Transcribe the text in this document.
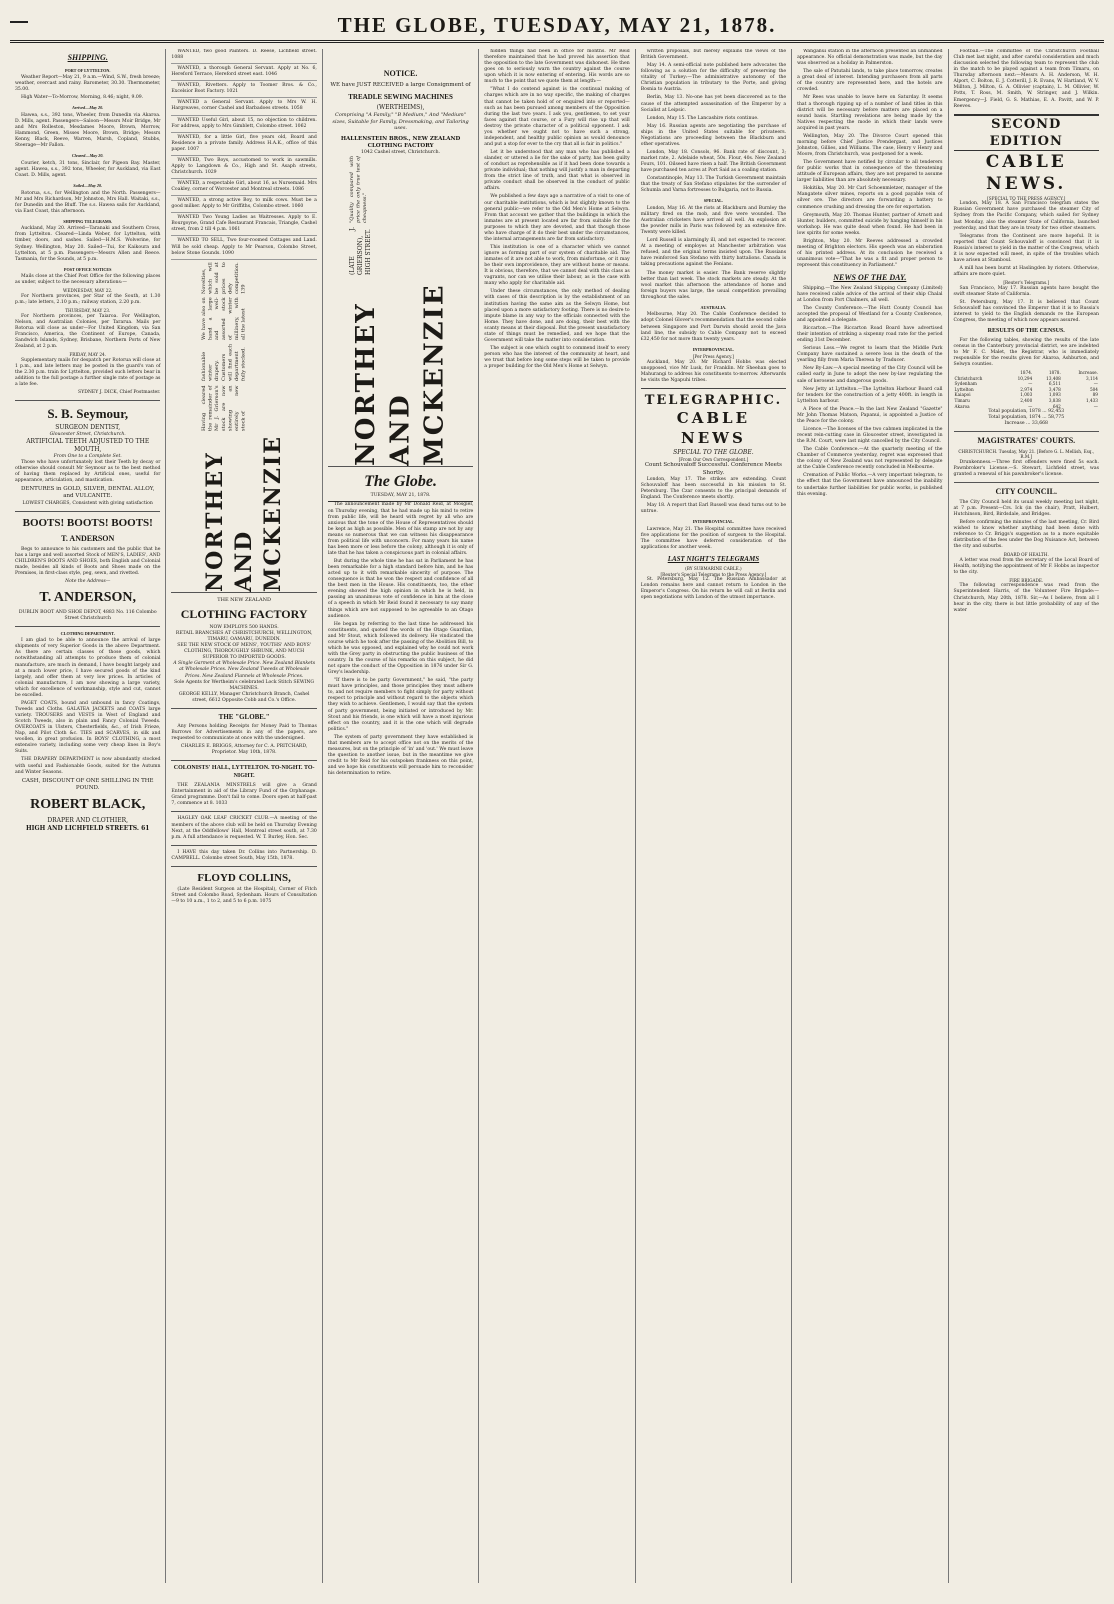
THE GLOBE, TUESDAY, MAY 21, 1878.
SHIPPING.
PORT OF LYTTELTON.

Weather Report—May 21, 9 a.m.—Wind, S.W., fresh breeze; weather, overcast and rainy. Barometer, 30.30. Thermometer, 35.00.

High Water—To-Morrow, Morning, 8.46; night, 9.09.

Arrived—May 20.

Hawea, s.s., 392 tons, Wheeler, from Dunedin via Akaroa. D. Mills, agent. Passengers—Saloon—Messrs Moir Bridge, Mr and Mrs Rolleston, Mesdames Moore, Brown, Morrow, Hammond, Green, Misses Moore, Brown, Bridge; Messrs Kenny, Black, Reeve, Warren, Marsh, Copland, Stubbs, Steerage—Mr Fallon.

Cleared—May 20.

Courier, ketch, 31 tons, Sinclair, for Pigeon Bay. Master, agent. Hawea, s.s., 392 tons, Wheeler, for Auckland, via East Coast. D. Mills, agent.

Sailed—May 20.

Rotorua, s.s., for Wellington and the North. Passengers—Mr and Mrs Richardson, Mr Johnston, Mrs Hall. Waitaki, s.s., for Dunedin and the Bluff. The s.s. Hawea sails for Auckland, via East Coast, this afternoon.

SHIPPING TELEGRAMS.

Auckland, May 20. Arrived—Taranaki and Southern Cross, from Lyttelton. Cleared—Linda Weber, for Lyttelton, with timber, doors, and sashes. Sailed—H.M.S. Wolverine, for Sydney. Wellington, May 20. Sailed—Tui, for Kaikoura and Lyttelton, at 5 p.m. Passengers—Messrs Allen and Reece. Tasmania, for the Sounds, at 5 p.m.

POST OFFICE NOTICES

Mails close at the Chief Post Office for the following places as under, subject to the necessary alterations:—

WEDNESDAY, MAY 22.

For Northern provinces, per Star of the South, at 1.30 p.m.; late letters, 2.10 p.m.; railway station, 2.20 p.m.

THURSDAY, MAY 23.

For Northern provinces, per Taiaroa. For Wellington, Nelson, and Australian Colonies, per Tararua. Mails per Rotorua will close as under—For United Kingdom, via San Francisco, America, the Continent of Europe, Canada, Sandwich Islands, Sydney, Brisbane, Northern Ports of New Zealand, at 2 p.m.

FRIDAY, MAY 24.

Supplementary mails for despatch per Rotorua will close at 1 p.m., and late letters may be posted in the guard's van of the 2.30 p.m. train for Lyttelton, provided such letters bear in addition to the full postage a further single rate of postage as a late fee.

SYDNEY J. DICK, Chief Postmaster.
S. B. Seymour,
SURGEON DENTIST,
Gloucester Street, Christchurch.
ARTIFICIAL TEETH ADJUSTED TO THE MOUTH,
From One to a Complete Set.

Those who have unfortunately lost their Teeth by decay or otherwise should consult Mr Seymour as to the best method of having them replaced by Artificial ones, useful for appearance, articulation, and mastication.

DENTURES in GOLD, SILVER, DENTAL ALLOY, and VULCANITE.
LOWEST CHARGES, Consistent with giving satisfaction
BOOTS! BOOTS! BOOTS!
T. ANDERSON

Begs to announce to his customers and the public that he has a large and well assorted Stock of MEN'S, LADIES', AND CHILDREN'S BOOTS AND SHOES, both English and Colonial made, besides all kinds of Boots and Shoes made on the Premises, in first-class style, peg, sewn, and rivetted.

Note the Address—
T. ANDERSON,
DUBLIN BOOT AND SHOE DEPOT, 4883 No. 116 Colombo Street Christchurch
CLOTHING DEPARTMENT.

I am glad to be able to announce the arrival of large shipments of very Superior Goods in the above Department. As there are certain classes of those goods, which notwithstanding all attempts to produce them of colonial manufacture, are much in demand, I have bought largely and at a much lower price, I have secured goods of the kind largely, and offer them at very low prices. In articles of colonial manufacture, I am now showing a large variety, which for excellence of workmanship, style and cut, cannot be excelled.

PAGET COATS, bound and unbound in fancy Coatings, Tweeds and Cloths. GALATEA JACKETS and COATS large variety. TROUSERS and VESTS in West of England and Scotch Tweeds, also in plain and Fancy Colonial Tweeds. OVERCOATS in Ulsters, Chesterfields, &c., of Irish Frieze, Nap, and Pilot Cloth &c. TIES and SCARVES, in silk and woollen, in great profusion. In BOYS' CLOTHING, a most extensive variety, including some very cheap lines in Boy's Suits.

THE DRAPERY DEPARTMENT is now abundantly stocked with useful and Fashionable Goods, suited for the Autumn and Winter Seasons.

CASH, DISCOUNT OF ONE SHILLING IN THE POUND.
ROBERT BLACK,
DRAPER AND CLOTHIER,
HIGH AND LICHFIELD STREETS. 61

WANTED, two good Painters. D. Reese, Lichfield street. 1088

WANTED, a thorough General Servant. Apply at No. 6, Hereford Terrace, Hereford street east. 1046

WANTED, Rivetters. Apply to Toomer Bros. & Co., Excelsior Boot Factory. 1021

WANTED a General Servant. Apply to Mrs W. H. Hargreaves, corner Cashel and Barbadoes streets. 1058

WANTED Useful Girl, about 15, no objection to children. For address, apply to Mrs Gimblett, Colombo street. 1062

WANTED, for a little Girl, five years old, Board and Residence in a private family. Address H.A.K., office of this paper. 1007

WANTED, Two Boys, accustomed to work in sawmills. Apply to Langdown & Co., High and St. Asaph streets, Christchurch. 1029

WANTED, a respectable Girl, about 16, as Nursemaid. Mrs Coakley, corner of Worcester and Montreal streets. 1086

WANTED, a strong active Boy, to milk cows. Must be a good milker. Apply to Mr Griffiths, Colombo street. 1060

WANTED Two Young Ladies as Waitresses. Apply to E. Bourgoyne, Grand Cafe Restaurant Francais, Triangle, Cashel street, from 2 till 4 p.m. 1061

WANTED TO SELL, Two four-roomed Cottages and Land. Will be sold cheap. Apply to Mr Pearson, Colombo Street, below Stone Gounds. 1090

NORTHEY AND MCKENZIE
Having cleared the remainder of Mr J. Grierson's stock are now showing an entirely new stock of
fashionable winter drapery. Customers will find each department fully stocked.
We have also on hand a large and well-assorted stock of winter millinery, with all the latest
Novelties, which will be sold at prices to defy competition. 139
THE NEW ZEALAND
CLOTHING FACTORY
NOW EMPLOYS 500 HANDS.
RETAIL BRANCHES AT CHRISTCHURCH, WELLINGTON, TIMARU, OAMARU, DUNEDIN.
SEE THE NEW STOCK OF MENS', YOUTHS' AND BOYS' CLOTHING, THOROUGHLY SHRUNK, AND MUCH SUPERIOR TO IMPORTED GOODS.
A Single Garment at Wholesale Price. New Zealand Blankets at Wholesale Prices. New Zealand Tweeds at Wholesale Prices. New Zealand Flannels at Wholesale Prices.
Sole Agents for Wertheim's celebrated Lock Stitch SEWING MACHINES.
GEORGE KELLY, Manager Christchurch Branch, Cashel street, 6612 Opposite Cobb and Co.'s Office.
THE "GLOBE."

Any Persons holding Receipts for Money Paid to Thomas Burrows for Advertisements in any of the papers, are requested to communicate at once with the undersigned.

CHARLES E. BRIGGS, Attorney for C. A. PRITCHARD, Proprietor. May 10th, 1878.
COLONISTS' HALL, LYTTELTON. TO-NIGHT. TO-NIGHT.

THE ZEALANIA MINSTRELS will give a Grand Entertainment in aid of the Library Fund of the Orphanage. Grand programme. Don't fail to come. Doors open at half-past 7, commence at 8. 1033

HAGLEY OAK LEAF CRICKET CLUB.—A meeting of the members of the above club will be held on Thursday Evening Next, at the Oddfellows' Hall, Montreal street south, at 7.30 p.m. A full attendance is requested. W. T. Burley, Hon. Sec.

I HAVE this day taken Dr. Collins into Partnership. D. CAMPBELL. Colombo street South, May 15th, 1878.

FLOYD COLLINS,

(Late Resident Surgeon at the Hospital), Corner of Fitch Street and Colombo Road, Sydenham. Hours of Consultation—9 to 10 a.m., 1 to 2, and 5 to 6 p.m. 1075

NOTICE.
WE have JUST RECEIVED a large Consignment of
TREADLE SEWING MACHINES
(WERTHEIMS),
Comprising "A Family," "B Medium," And "Medium" sizes, Suitable for Family, Dressmaking, and Tailoring uses.
HALLENSTEIN BROS., NEW ZEALAND CLOTHING FACTORY
1042 Cashel street, Christchurch.
NORTHEY AND MCKENZIE
(LATE J. GRIERSON), HIGH STREET.
"Quality compared with price the only true test of cheapness."
The Globe.
TUESDAY, MAY 21, 1878.

The announcement made by Mr Donald Reid, at Mosgiel, on Thursday evening, that he had made up his mind to retire from public life, will be heard with regret by all who are anxious that the tone of the House of Representatives should be kept as high as possible. Men of his stamp are not by any means so numerous that we can witness his disappearance from political life with unconcern. For many years his name has been more or less before the colony, although it is only of late that he has taken a conspicuous part in colonial affairs.

But during the whole time he has sat in Parliament he has been remarkable for a high standard before him, and he has acted up to it with remarkable sincerity of purpose. The consequence is that he won the respect and confidence of all the best men in the House. His constituents, too, the other evening showed the high opinion in which he is held, in passing an unanimous vote of confidence in him at the close of a speech in which Mr Reid found it necessary to say many things which are not supposed to be agreeable to an Otago audience.

He began by referring to the last time he addressed his constituents, and quoted the words of the Otago Guardian, and Mr Stout, which followed its delivery. He vindicated the course which he took after the passing of the Abolition Bill, to which he was opposed, and explained why he could not work with the Grey party in obstructing the public business of the country. In the course of his remarks on this subject, he did not spare the conduct of the Opposition in 1876 under Sir G. Grey's leadership.

"If there is to be party Government," he said, "the party must have principles, and those principles they must adhere to, and not require members to fight simply for party without respect to principle and without regard to the objects which they wish to achieve. Gentlemen, I would say that the system of party government, being initiated or introduced by Mr. Stout and his friends, is one which will have a most injurious effect on the country, and it is the one which will degrade politics."

The system of party government they have established is that members are to accept office not on the merits of the measures, but on the principle of 'in' and 'out.' We must leave the question to another issue, but in the meantime we give credit to Mr Reid for his outspoken frankness on this point, and we hope his constituents will persuade him to reconsider his determination to retire.

hidden things had been in office for months. Mr Reid therefore maintained that he had proved his assertion that the opposition to the late Government was dishonest. He then goes on to seriously warn the country against the course upon which it is now entering of entering. His words are so much to the point that we quote them at length:—

"What I do contend against is the continual making of charges which are in no way specific, the making of charges that cannot be taken hold of or enquired into or reported—such as has been pursued among members of the Opposition during the last two years. I ask you, gentlemen, to set your faces against that course, or a Fury will rise up that will destroy the private character of a political opponent. I ask you whether we ought not to have such a strong, independent, and healthy public opinion as would denounce and put a stop for ever to the cry that all is fair in politics."

Let it be understood that any man who has published a slander, or uttered a lie for the sake of party, has been guilty of conduct as reprehensible as if it had been done towards a private individual; that nothing will justify a man in departing from the strict line of truth, and that what is observed in private conduct shall be observed in the conduct of public affairs.

We published a few days ago a narrative of a visit to one of our charitable institutions, which is but slightly known to the general public—we refer to the Old Men's Home at Selwyn. From that account we gather that the buildings in which the inmates are at present located are far from suitable for the purposes to which they are devoted, and that though those who have charge of it do their best under the circumstances, the internal arrangements are far from satisfactory.

This institution is one of a character which we cannot ignore as forming part of our system of charitable aid. The inmates of it are not able to work, from misfortune, or it may be their own improvidence, they are without home or means. It is obvious, therefore, that we cannot deal with this class as vagrants, nor can we utilise their labour, as is the case with many who apply for charitable aid.

Under these circumstances, the only method of dealing with cases of this description is by the establishment of an institution having the same aim as the Selwyn Home, but placed upon a more satisfactory footing. There is no desire to impute blame in any way to the officials connected with the Home. They have done, and are doing, their best with the scanty means at their disposal. But the present unsatisfactory state of things must be remedied, and we hope that the Government will take the matter into consideration.

The subject is one which ought to commend itself to every person who has the interest of the community at heart, and we trust that before long some steps will be taken to provide a proper building for the Old Men's Home at Selwyn.

written proposals, but merely explains the views of the British Government.

May 14. A semi-official note published here advocates the following as a solution for the difficulty of preserving the vitality of Turkey:—The administrative autonomy of the Christian population in tributary to the Porte, and giving Bosnia to Austria.

Berlin, May 13. No-one has yet been discovered as to the cause of the attempted assassination of the Emperor by a Socialist at Leipsic.

London, May 15. The Lancashire riots continue.

May 16. Russian agents are negotiating the purchase of ships in the United States suitable for privateers. Negotiations are proceeding between the Blackburn and other operatives.

London, May 18. Consols, 96. Bank rate of discount, 3; market rate, 2. Adelaide wheat, 50s. Flour, 40s. New Zealand Fours, 101. Oilseed have risen a half. The British Government have purchased ten acres at Port Said as a coaling station.

Constantinople, May 13. The Turkish Government maintain that the treaty of San Stefano stipulates for the surrender of Schumla and Varna fortresses to Bulgaria, not to Russia.

SPECIAL.

London, May 16. At the riots at Blackburn and Burnley the military fired on the mob, and five were wounded. The Australian cricketers have arrived all well. An explosion at the powder mills in Paris was followed by an extensive fire. Twenty were killed.

Lord Russell is alarmingly ill, and not expected to recover. At a meeting of employes at Manchester arbitration was refused, and the original terms insisted upon. The Russians have reinforced San Stefano with thirty battalions. Canada is taking precautions against the Fenians.

The money market is easier. The Bank reserve slightly better than last week. The stock markets are steady. At the wool market this afternoon the attendance of home and foreign buyers was large, the usual competition prevailing throughout the sales.

AUSTRALIA.

Melbourne, May 20. The Cable Conference decided to adopt Colonel Glover's recommendation that the second cable between Singapore and Port Darwin should avoid the Java land line, the subsidy to Cable Company not to exceed £32,450 for not more than twenty years.

INTERPROVINCIAL.
[Per Press Agency.]

Auckland, May 20. Mr Richard Hobbs was elected unopposed, vice Mr Lusk, for Franklin. Mr Sheehan goes to Mahurangi to address his constituents to-morrow. Afterwards he visits the Ngapuhi tribes.

TELEGRAPHIC.
CABLE NEWS
SPECIAL TO THE GLOBE.
[From Our Own Correspondent.]
Count Schouvaloff Successful. Conference Meets Shortly.

London, May 17. The strikes are extending. Count Schouvaloff has been successful in his mission to St. Petersburg. The Czar consents to the principal demands of England. The Conference meets shortly.

May 18. A report that Earl Russell was dead turns out to be untrue.

INTERPROVINCIAL.

Lawrence, May 21. The Hospital committee have received five applications for the position of surgeon to the Hospital. The committee have deferred consideration of the applications for another week.

LAST NIGHT'S TELEGRAMS
(BY SUBMARINE CABLE.)
[Reuter's Special Telegrams to the Press Agency.]

St. Petersburg, May 12. The Russian Ambassador at London remains here and cannot return to London in the Emperor's Congress. On his return he will call at Berlin and open negotiations with London of the utmost importance.

Wanganui station in the afternoon presented an unmanned appearance. No official demonstration was made, but the day was observed as a holiday in Palmerston.

The sale of Patutahi lands, to take place tomorrow, creates a great deal of interest. Intending purchasers from all parts of the country are represented here, and the hotels are crowded.

Mr Rees was unable to leave here on Saturday. It seems that a thorough ripping up of a number of land titles in this district will be necessary before matters are placed on a sound basis. Startling revelations are being made by the Natives respecting the mode in which their lands were acquired in past years.

Wellington, May 20. The Divorce Court opened this morning before Chief Justice Prendergast, and Justices Johnston, Gillies, and Williams. The case, Henry v Henry and Moore, from Christchurch, was postponed for a week.

The Government have notified by circular to all tenderers for public works that in consequence of the threatening attitude of European affairs, they are not prepared to assume larger liabilities than are absolutely necessary.

Hokitika, May 20. Mr Carl Schoenmletzer, manager of the Mangatete silver mines, reports on a good payable vein of silver ore. The directors are forwarding a battery to commence crushing and dressing the ore for exportation.

Greymouth, May 20. Thomas Hunter, partner of Arnott and Hunter, builders, committed suicide by hanging himself in his workshop. He was quite dead when found. He had been in low spirits for some weeks.

Brighton, May 20. Mr Reeves addressed a crowded meeting of Brighton electors. His speech was an elaboration of his printed address. At its conclusion he received a unanimous vote—"That he was a fit and proper person to represent this constituency in Parliament."

NEWS OF THE DAY.

Shipping.—The New Zealand Shipping Company (Limited) have received cable advice of the arrival of their ship Chalal at London from Port Chalmers, all well.

The County Conference.—The Hutt County Council has accepted the proposal of Westland for a County Conference, and appointed a delegate.

Riccarton.—The Riccarton Road Board have advertised their intention of striking a sixpenny road rate for the period ending 31st December.

Serious Loss.—We regret to learn that the Middle Park Company have sustained a severe loss in the death of the yearling filly from Maria Theresa by Traducer.

New By-Law.—A special meeting of the City Council will be called early in June to adopt the new by-law regulating the sale of kerosene and dangerous goods.

New Jetty at Lyttelton.—The Lyttelton Harbour Board call for tenders for the construction of a jetty 400ft. in length in Lyttelton harbour.

A Piece of the Peace.—In the last New Zealand "Gazette" Mr John Thomas Matson, Papanui, is appointed a Justice of the Peace for the colony.

Licence.—The licenses of the two cabmen implicated in the recent rein-cutting case in Gloucester street, investigated in the R.M. Court, were last night cancelled by the City Council.

The Cable Conference.—At the quarterly meeting of the Chamber of Commerce yesterday, regret was expressed that the colony of New Zealand was not represented by delegate at the Cable Conference recently concluded in Melbourne.

Cremation of Public Works.—A very important telegram, to the effect that the Government have announced the inability to undertake further liabilities for public works, is published this evening.

Football.—The committee of the Christchurch Football Club met last night, and after careful consideration and much discussion selected the following team to represent the club in the match to be played against a team from Timaru, on Thursday afternoon next:—Messrs A. H. Anderson, W. H. Alport, C. Bolton, E. J. Cotterill, J. R. Evans, W. Hartland, W. V. Millton, J. Milton, G. A. Ollivier (captain), L. M. Ollivier, W. Potts, T. Ross, M. Smith, W. Stringer, and J. Wilkin. Emergency—J. Field, G. S. Mathias, E. A. Pavitt, and W. P. Reeves.

SECOND EDITION
CABLE NEWS.
[SPECIAL TO THE PRESS AGENCY.]

London, May 18. A San Francisco telegram states the Russian Government have purchased the steamer City of Sydney from the Pacific Company, which sailed for Sydney last Monday, also the steamer State of California, launched yesterday, and that they are in treaty for two other steamers.

Telegrams from the Continent are more hopeful. It is reported that Count Schouvaloff is convinced that it is Russia's interest to yield in the matter of the Congress, which it is now expected will meet, in spite of the troubles which have arisen at Stamboul.

A mill has been burnt at Haslingden by rioters. Otherwise, affairs are more quiet.

[Reuter's Telegrams.]

San Francisco, May 17. Russian agents have bought the swift steamer State of California.

St. Petersburg, May 17. It is believed that Count Schouvaloff has convinced the Emperor that it is to Russia's interest to yield to the English demands re the European Congress, the meeting of which now appears assured.

RESULTS OF THE CENSUS.

For the following tables, showing the results of the late census in the Canterbury provincial district, we are indebted to Mr F. C. Malet, the Registrar, who is immediately responsible for the results given for Akaroa, Ashburton, and Selwyn counties.

	1874.	1878.	Increase.
Christchurch	10,294	13,408	3,114
Sydenham	—	6,511	—
Lyttelton	2,974	3,478	504
Kaiapoi	1,003	1,093	89
Timaru	2,400	3,838	1,433
Akaroa	—	642	—
Total population, 1878 ... 92,453
Total population, 1874 ... 58,775
Increase ... 33,668
MAGISTRATES' COURTS.
CHRISTCHURCH. Tuesday, May 21. [Before G. L. Mellish, Esq., R.M.]

Drunkenness.—Three first offenders were fined 5s each. Pawnbroker's License.—S. Stewart, Lichfield street, was granted a renewal of his pawnbroker's license.

CITY COUNCIL.

The City Council held its usual weekly meeting last night, at 7 p.m. Present—Crs. Ick (in the chair), Pratt, Hulbert, Hutchinson, Bird, Birdsdale, and Bridges.

Before confirming the minutes of the last meeting, Cr. Bird wished to know whether anything had been done with reference to Cr. Briggs's suggestion as to a more equitable distribution of the fees under the Dog Nuisance Act, between the city and suburbs.

BOARD OF HEALTH.

A letter was read from the secretary of the Local Board of Health, notifying the appointment of Mr F. Hobbs as inspector to the city.

FIRE BRIGADE.

The following correspondence was read from the Superintendent Harris, of the Volunteer Fire Brigade:—Christchurch, May 20th, 1878. Sir,—As I believe, from all I hear in the city, there is but little probability of any of the water
